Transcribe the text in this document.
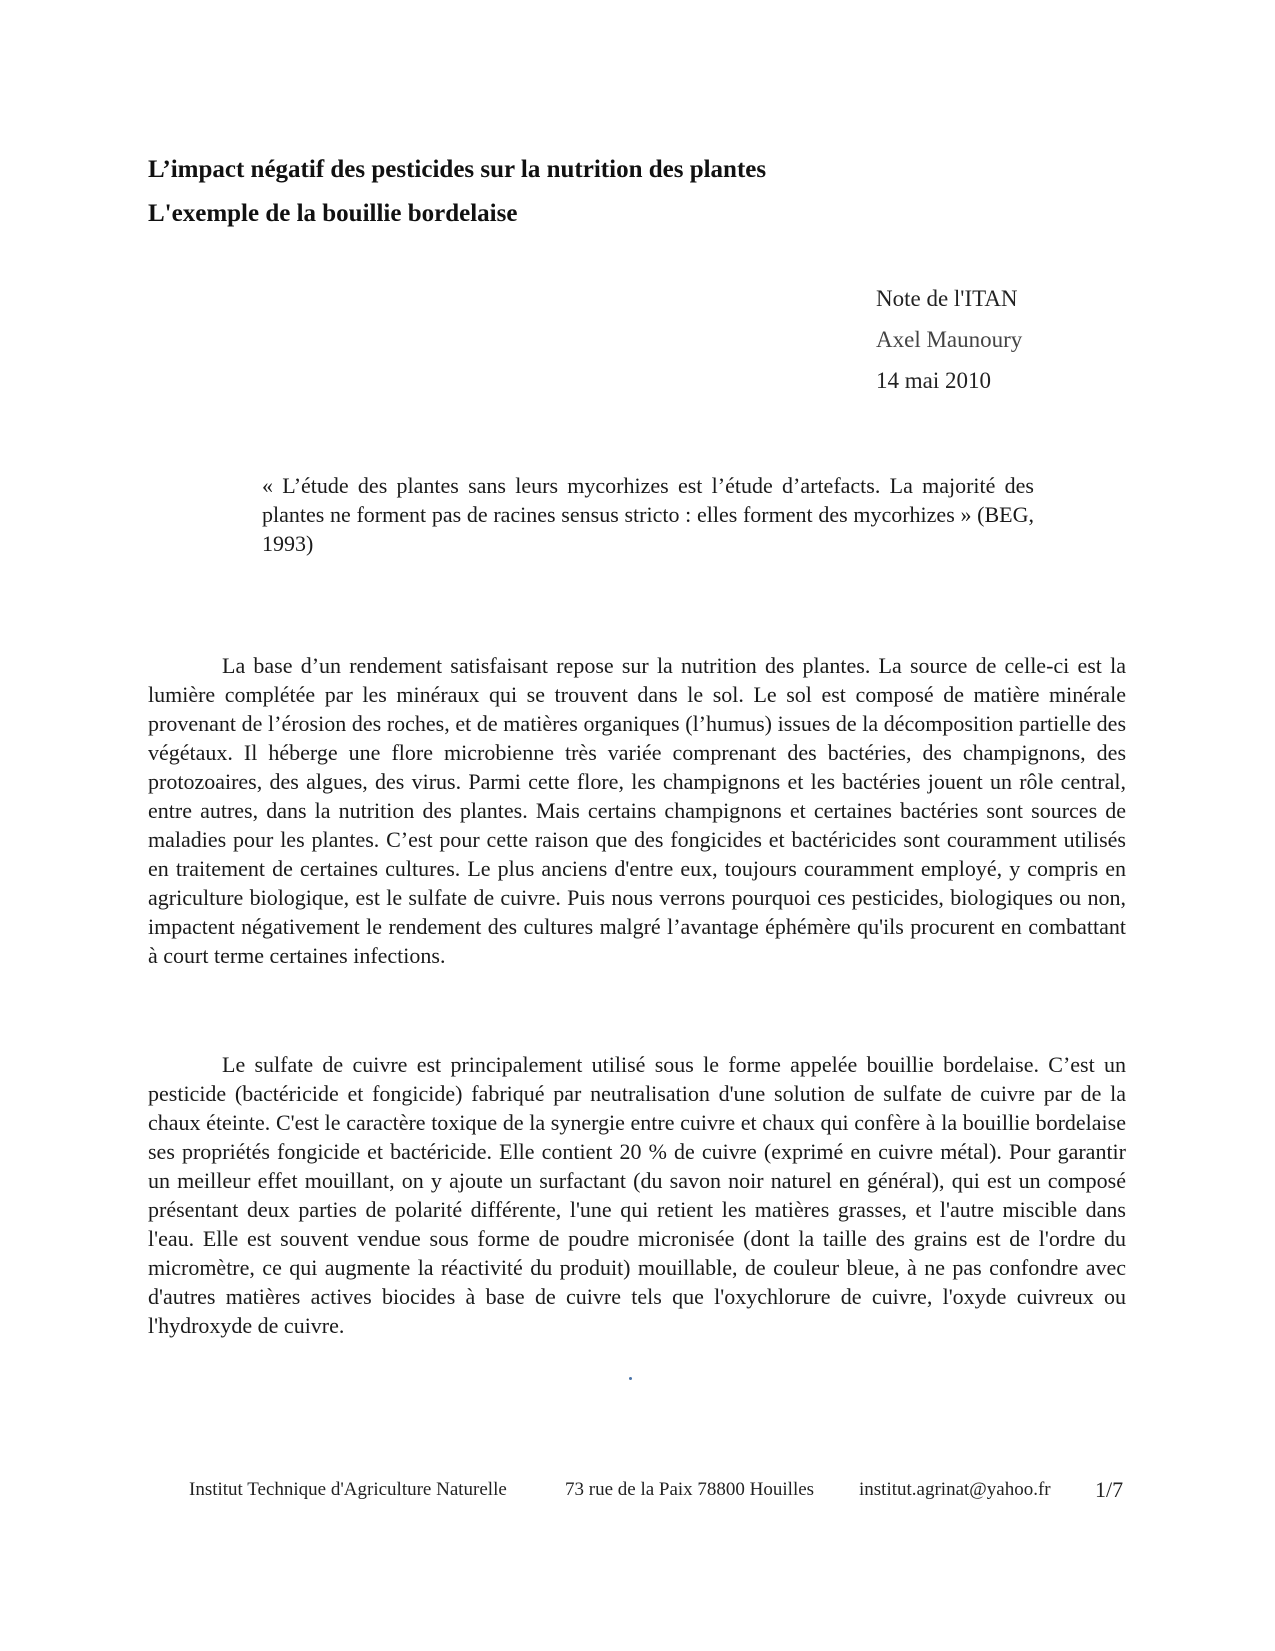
L’impact négatif des pesticides sur la nutrition des plantes
L'exemple de la bouillie bordelaise

Note de l'ITAN

Axel Maunoury

14 mai 2010

« L’étude des plantes sans leurs mycorhizes est l’étude d’artefacts. La majorité des plantes ne forment pas de racines sensus stricto : elles forment des mycorhizes » (BEG, 1993)

La base d’un rendement satisfaisant repose sur la nutrition des plantes. La source de celle-ci est la lumière complétée par les minéraux qui se trouvent dans le sol. Le sol est composé de matière minérale provenant de l’érosion des roches, et de matières organiques (l’humus) issues de la décomposition partielle des végétaux. Il héberge une flore microbienne très variée comprenant des bactéries, des champignons, des protozoaires, des algues, des virus. Parmi cette flore, les champignons et les bactéries jouent un rôle central, entre autres, dans la nutrition des plantes. Mais certains champignons et certaines bactéries sont sources de maladies pour les plantes. C’est pour cette raison que des fongicides et bactéricides sont couramment utilisés en traitement de certaines cultures. Le plus anciens d'entre eux, toujours couramment employé, y compris en agriculture biologique, est le sulfate de cuivre. Puis nous verrons pourquoi ces pesticides, biologiques ou non, impactent négativement le rendement des cultures malgré l’avantage éphémère qu'ils procurent en combattant à court terme certaines infections.

Le sulfate de cuivre est principalement utilisé sous le forme appelée bouillie bordelaise. C’est un pesticide (bactéricide et fongicide) fabriqué par neutralisation d'une solution de sulfate de cuivre par de la chaux éteinte. C'est le caractère toxique de la synergie entre cuivre et chaux qui confère à la bouillie bordelaise ses propriétés fongicide et bactéricide. Elle contient 20 % de cuivre (exprimé en cuivre métal). Pour garantir un meilleur effet mouillant, on y ajoute un surfactant (du savon noir naturel en général), qui est un composé présentant deux parties de polarité différente, l'une qui retient les matières grasses, et l'autre miscible dans l'eau. Elle est souvent vendue sous forme de poudre micronisée (dont la taille des grains est de l'ordre du micromètre, ce qui augmente la réactivité du produit) mouillable, de couleur bleue, à ne pas confondre avec d'autres matières actives biocides à base de cuivre tels que l'oxychlorure de cuivre, l'oxyde cuivreux ou l'hydroxyde de cuivre.

Institut Technique d'Agriculture Naturelle	73 rue de la Paix 78800 Houilles institut.agrinat@yahoo.fr 1/7
